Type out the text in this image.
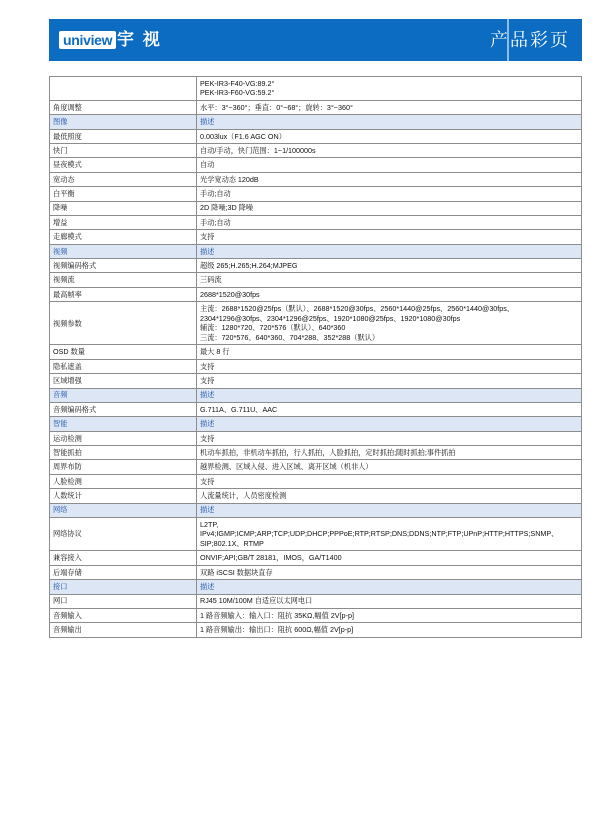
uniview 宇 视	产品彩页

	PEK-IR3-F40-VG:89.2°
PEK-IR3-F60-VG:59.2°

角度调整	水平：3°~360°；垂直：0°~68°；旋转：3°~360°
图像	描述
最低照度	0.003lux（F1.6 AGC ON）
快门	自动/手动，快门范围：1~1/100000s
昼夜模式	自动
宽动态	光学宽动态 120dB
白平衡	手动;自动
降噪	2D 降噪;3D 降噪
增益	手动;自动
走廊模式	支持
视频	描述
视频编码格式	超级 265;H.265;H.264;MJPEG
视频流	三码流
最高帧率	2688*1520@30fps
视频参数	主流：2688*1520@25fps（默认）、2688*1520@30fps、2560*1440@25fps、2560*1440@30fps、2304*1296@30fps、2304*1296@25fps、1920*1080@25fps、1920*1080@30fps
辅流：1280*720、720*576（默认）、640*360
三流：720*576、640*360、704*288、352*288（默认）

OSD 数量	最大 8 行
隐私遮盖	支持
区域增强	支持
音频	描述
音频编码格式	G.711A、G.711U、AAC
智能	描述
运动检测	支持
智能抓拍	机动车抓拍，非机动车抓拍，行人抓拍，人脸抓拍，定时抓拍;随时抓拍;事件抓拍
周界布防	越界检测、区域入侵、进入区域、离开区域（机非人）
人脸检测	支持
人数统计	人流量统计，人员密度检测
网络	描述
网络协议	L2TP,
IPv4;IGMP;ICMP;ARP;TCP;UDP;DHCP;PPPoE;RTP;RTSP;DNS;DDNS;NTP;FTP;UPnP;HTTP;HTTPS;SNMP、SIP;802.1X、RTMP

兼容接入	ONVIF;API;GB/T 28181，IMOS，GA/T1400
后端存储	双路 iSCSI 数据块直存
接口	描述
网口	RJ45 10M/100M 自适应以太网电口
音频输入	1 路音频输入：输入口：阻抗 35KΩ,幅值 2V[p-p]
音频输出	1 路音频输出：输出口：阻抗 600Ω,幅值 2V[p-p]
